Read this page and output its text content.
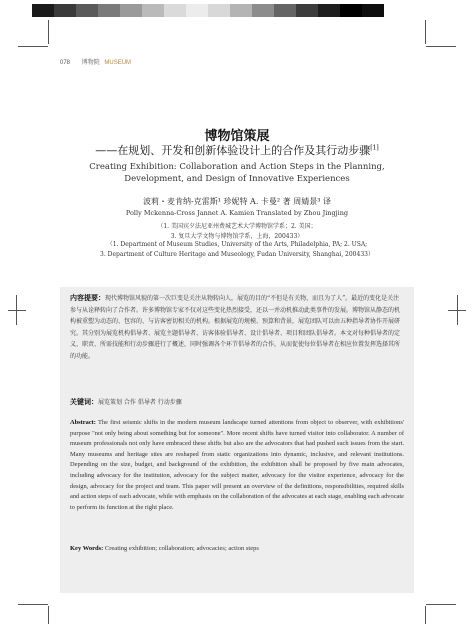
078 博物院 MUSEUM
博物馆策展
——在规划、开发和创新体验设计上的合作及其行动步骤[1]
Creating Exhibition: Collaboration and Action Steps in the Planning, Development, and Design of Innovative Experiences
波莉・麦肯纳-克雷斯¹ 珍妮特 A. 卡曼² 著 周婧景³ 译
Polly Mckenna-Cross Jannet A. Kamien Translated by Zhou Jingjing
（1. 美国宾夕法尼亚州费城艺术大学博物馆学系；2. 美国；
3. 复旦大学文物与博物馆学系，上海，200433）
（1. Department of Museum Studies, University of the Arts, Philadelphia, PA; 2. USA;
3. Department of Culture Heritage and Museology, Fudan University, Shanghai, 200433）
内容提要：现代博物馆风貌的第一次巨变是关注从物转向人，展览的目的“不但是有关物，而且为了人”。最近的变化是关注参与从诠释转向了合作者。许多博物馆专家不仅对这些变化热烈接受，还以一并动机推动此类事件的发展。博物馆从静态的机构被重塑为动态的、包容的、与访客密切相关的机构。根据展览的规模、预算和背景，展览团队可以由五种指导者协作开展研究。其分别为展览机构倡导者、展览主题倡导者、访客体验倡导者、设计倡导者、项目和团队倡导者。本文对每种倡导者的定义、职责、所需技能和行动步骤进行了概述，同时强调各个环节倡导者的合作，从而促使每位倡导者在相应位置发挥选择其所的功能。
关键词：展览策划 合作 倡导者 行动步骤
Abstract: The first seismic shifts in the modern museum landscape turned attentions from object to observer, with exhibitions' purpose "not only being about something but for someone". More recent shifts have turned visitor into collaborator. A number of museum professionals not only have embraced these shifts but also are the advocators that had pushed such issues from the start. Many museums and heritage sites are reshaped from static organizations into dynamic, inclusive, and relevant institutions. Depending on the size, budget, and background of the exhibition, the exhibition shall be proposed by five main advocates, including advocacy for the institution, advocacy for the subject matter, advocacy for the visitor experience, advocacy for the design, advocacy for the project and team. This paper will present an overview of the definitions, responsibilities, required skills and action steps of each advocate, while with emphasis on the collaboration of the advocates at each stage, enabling each advocate to perform its function at the right place.
Key Words: Creating exhibition; collaboration; advocacies; action steps
